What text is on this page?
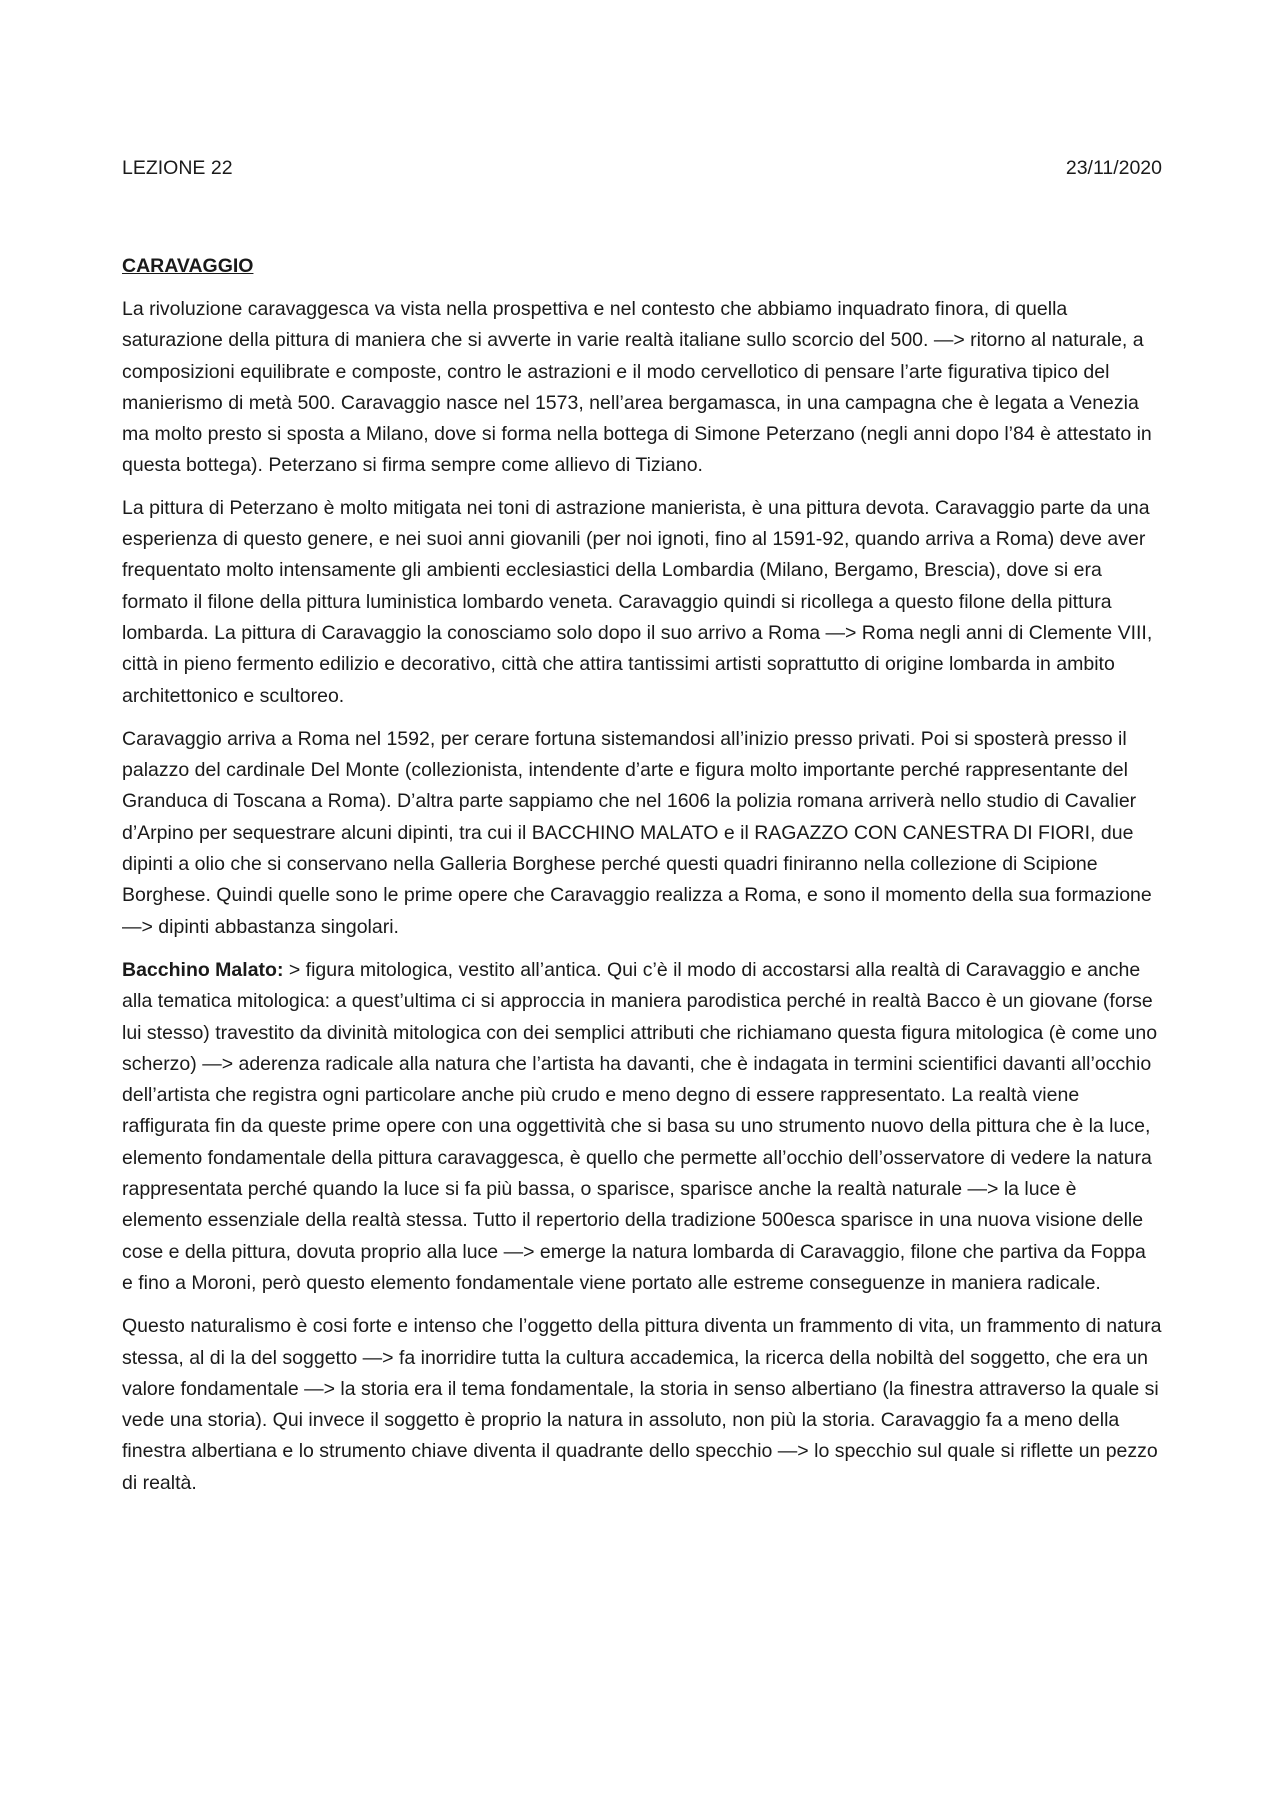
LEZIONE 22	23/11/2020
CARAVAGGIO

La rivoluzione caravaggesca va vista nella prospettiva e nel contesto che abbiamo inquadrato finora, di quella saturazione della pittura di maniera che si avverte in varie realtà italiane sullo scorcio del 500. —> ritorno al naturale, a composizioni equilibrate e composte, contro le astrazioni e il modo cervellotico di pensare l’arte figurativa tipico del manierismo di metà 500. Caravaggio nasce nel 1573, nell’area bergamasca, in una campagna che è legata a Venezia ma molto presto si sposta a Milano, dove si forma nella bottega di Simone Peterzano (negli anni dopo l’84 è attestato in questa bottega). Peterzano si firma sempre come allievo di Tiziano.

La pittura di Peterzano è molto mitigata nei toni di astrazione manierista, è una pittura devota. Caravaggio parte da una esperienza di questo genere, e nei suoi anni giovanili (per noi ignoti, fino al 1591-92, quando arriva a Roma) deve aver frequentato molto intensamente gli ambienti ecclesiastici della Lombardia (Milano, Bergamo, Brescia), dove si era formato il filone della pittura luministica lombardo veneta. Caravaggio quindi si ricollega a questo filone della pittura lombarda. La pittura di Caravaggio la conosciamo solo dopo il suo arrivo a Roma —> Roma negli anni di Clemente VIII, città in pieno fermento edilizio e decorativo, città che attira tantissimi artisti soprattutto di origine lombarda in ambito architettonico e scultoreo.

Caravaggio arriva a Roma nel 1592, per cerare fortuna sistemandosi all’inizio presso privati. Poi si sposterà presso il palazzo del cardinale Del Monte (collezionista, intendente d’arte e figura molto importante perché rappresentante del Granduca di Toscana a Roma). D’altra parte sappiamo che nel 1606 la polizia romana arriverà nello studio di Cavalier d’Arpino per sequestrare alcuni dipinti, tra cui il BACCHINO MALATO e il RAGAZZO CON CANESTRA DI FIORI, due dipinti a olio che si conservano nella Galleria Borghese perché questi quadri finiranno nella collezione di Scipione Borghese. Quindi quelle sono le prime opere che Caravaggio realizza a Roma, e sono il momento della sua formazione —> dipinti abbastanza singolari.

Bacchino Malato: > figura mitologica, vestito all’antica. Qui c’è il modo di accostarsi alla realtà di Caravaggio e anche alla tematica mitologica: a quest’ultima ci si approccia in maniera parodistica perché in realtà Bacco è un giovane (forse lui stesso) travestito da divinità mitologica con dei semplici attributi che richiamano questa figura mitologica (è come uno scherzo) —> aderenza radicale alla natura che l’artista ha davanti, che è indagata in termini scientifici davanti all’occhio dell’artista che registra ogni particolare anche più crudo e meno degno di essere rappresentato. La realtà viene raffigurata fin da queste prime opere con una oggettività che si basa su uno strumento nuovo della pittura che è la luce, elemento fondamentale della pittura caravaggesca, è quello che permette all’occhio dell’osservatore di vedere la natura rappresentata perché quando la luce si fa più bassa, o sparisce, sparisce anche la realtà naturale —> la luce è elemento essenziale della realtà stessa. Tutto il repertorio della tradizione 500esca sparisce in una nuova visione delle cose e della pittura, dovuta proprio alla luce —> emerge la natura lombarda di Caravaggio, filone che partiva da Foppa e fino a Moroni, però questo elemento fondamentale viene portato alle estreme conseguenze in maniera radicale.

Questo naturalismo è cosi forte e intenso che l’oggetto della pittura diventa un frammento di vita, un frammento di natura stessa, al di la del soggetto —> fa inorridire tutta la cultura accademica, la ricerca della nobiltà del soggetto, che era un valore fondamentale —> la storia era il tema fondamentale, la storia in senso albertiano (la finestra attraverso la quale si vede una storia). Qui invece il soggetto è proprio la natura in assoluto, non più la storia. Caravaggio fa a meno della finestra albertiana e lo strumento chiave diventa il quadrante dello specchio —> lo specchio sul quale si riflette un pezzo di realtà.
